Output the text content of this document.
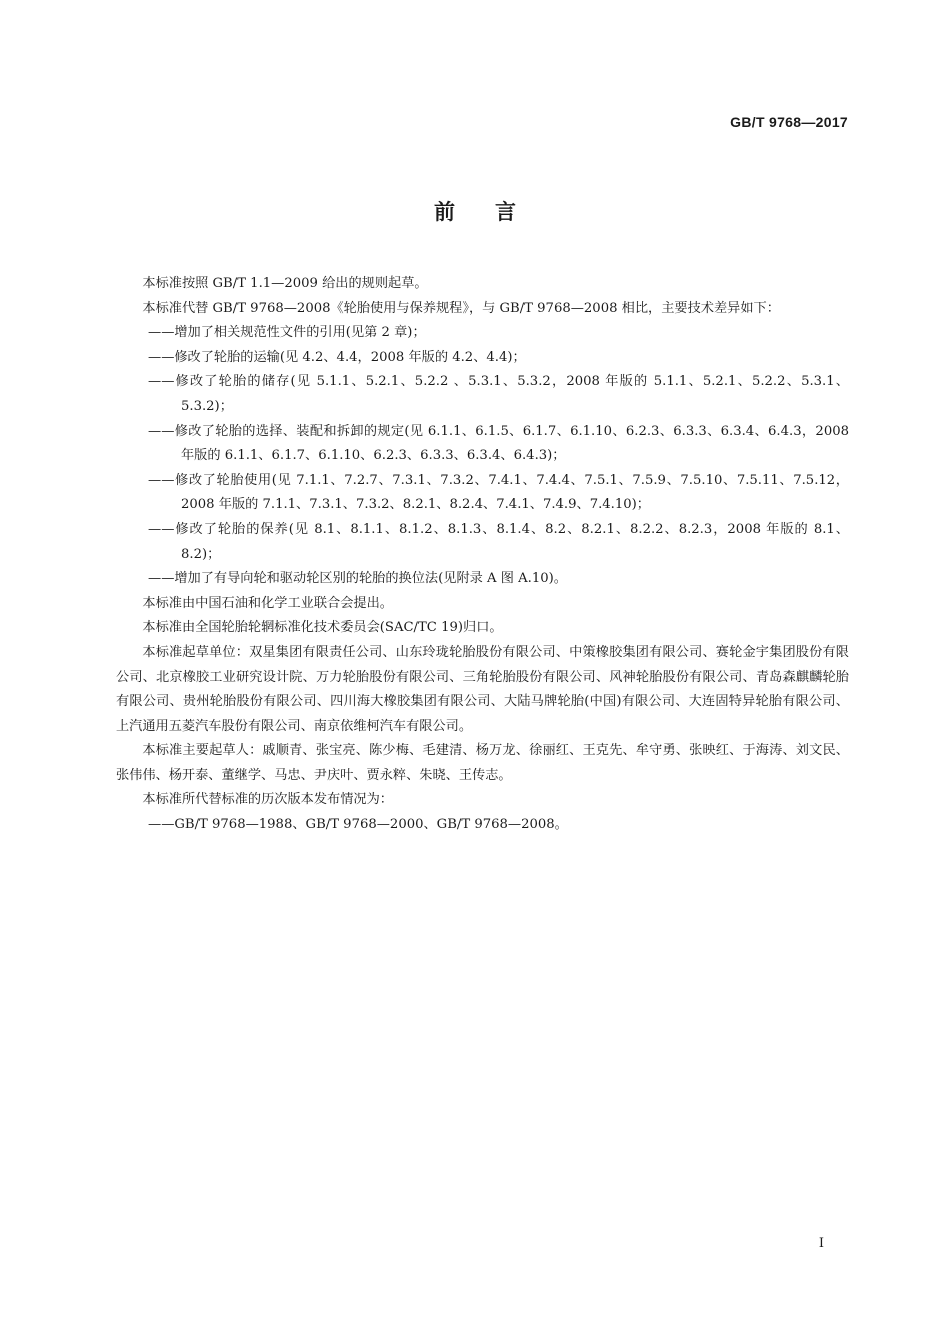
GB/T 9768—2017
前言

本标准按照 GB/T 1.1—2009 给出的规则起草。

本标准代替 GB/T 9768—2008《轮胎使用与保养规程》，与 GB/T 9768—2008 相比，主要技术差异如下：

——增加了相关规范性文件的引用(见第 2 章)；

——修改了轮胎的运输(见 4.2、4.4，2008 年版的 4.2、4.4)；

——修改了轮胎的储存(见 5.1.1、5.2.1、5.2.2 、5.3.1、5.3.2，2008 年版的 5.1.1、5.2.1、5.2.2、5.3.1、5.3.2)；

——修改了轮胎的选择、装配和拆卸的规定(见 6.1.1、6.1.5、6.1.7、6.1.10、6.2.3、6.3.3、6.3.4、6.4.3，2008 年版的 6.1.1、6.1.7、6.1.10、6.2.3、6.3.3、6.3.4、6.4.3)；

——修改了轮胎使用(见 7.1.1、7.2.7、7.3.1、7.3.2、7.4.1、7.4.4、7.5.1、7.5.9、7.5.10、7.5.11、7.5.12，2008 年版的 7.1.1、7.3.1、7.3.2、8.2.1、8.2.4、7.4.1、7.4.9、7.4.10)；

——修改了轮胎的保养(见 8.1、8.1.1、8.1.2、8.1.3、8.1.4、8.2、8.2.1、8.2.2、8.2.3，2008 年版的 8.1、8.2)；

——增加了有导向轮和驱动轮区别的轮胎的换位法(见附录 A 图 A.10)。

本标准由中国石油和化学工业联合会提出。

本标准由全国轮胎轮辋标准化技术委员会(SAC/TC 19)归口。

本标准起草单位：双星集团有限责任公司、山东玲珑轮胎股份有限公司、中策橡胶集团有限公司、赛轮金宇集团股份有限公司、北京橡胶工业研究设计院、万力轮胎股份有限公司、三角轮胎股份有限公司、风神轮胎股份有限公司、青岛森麒麟轮胎有限公司、贵州轮胎股份有限公司、四川海大橡胶集团有限公司、大陆马牌轮胎(中国)有限公司、大连固特异轮胎有限公司、上汽通用五菱汽车股份有限公司、南京依维柯汽车有限公司。

本标准主要起草人：戚顺青、张宝亮、陈少梅、毛建清、杨万龙、徐丽红、王克先、牟守勇、张映红、于海涛、刘文民、张伟伟、杨开泰、董继学、马忠、尹庆叶、贾永粹、朱晓、王传志。

本标准所代替标准的历次版本发布情况为：

——GB/T 9768—1988、GB/T 9768—2000、GB/T 9768—2008。

I
